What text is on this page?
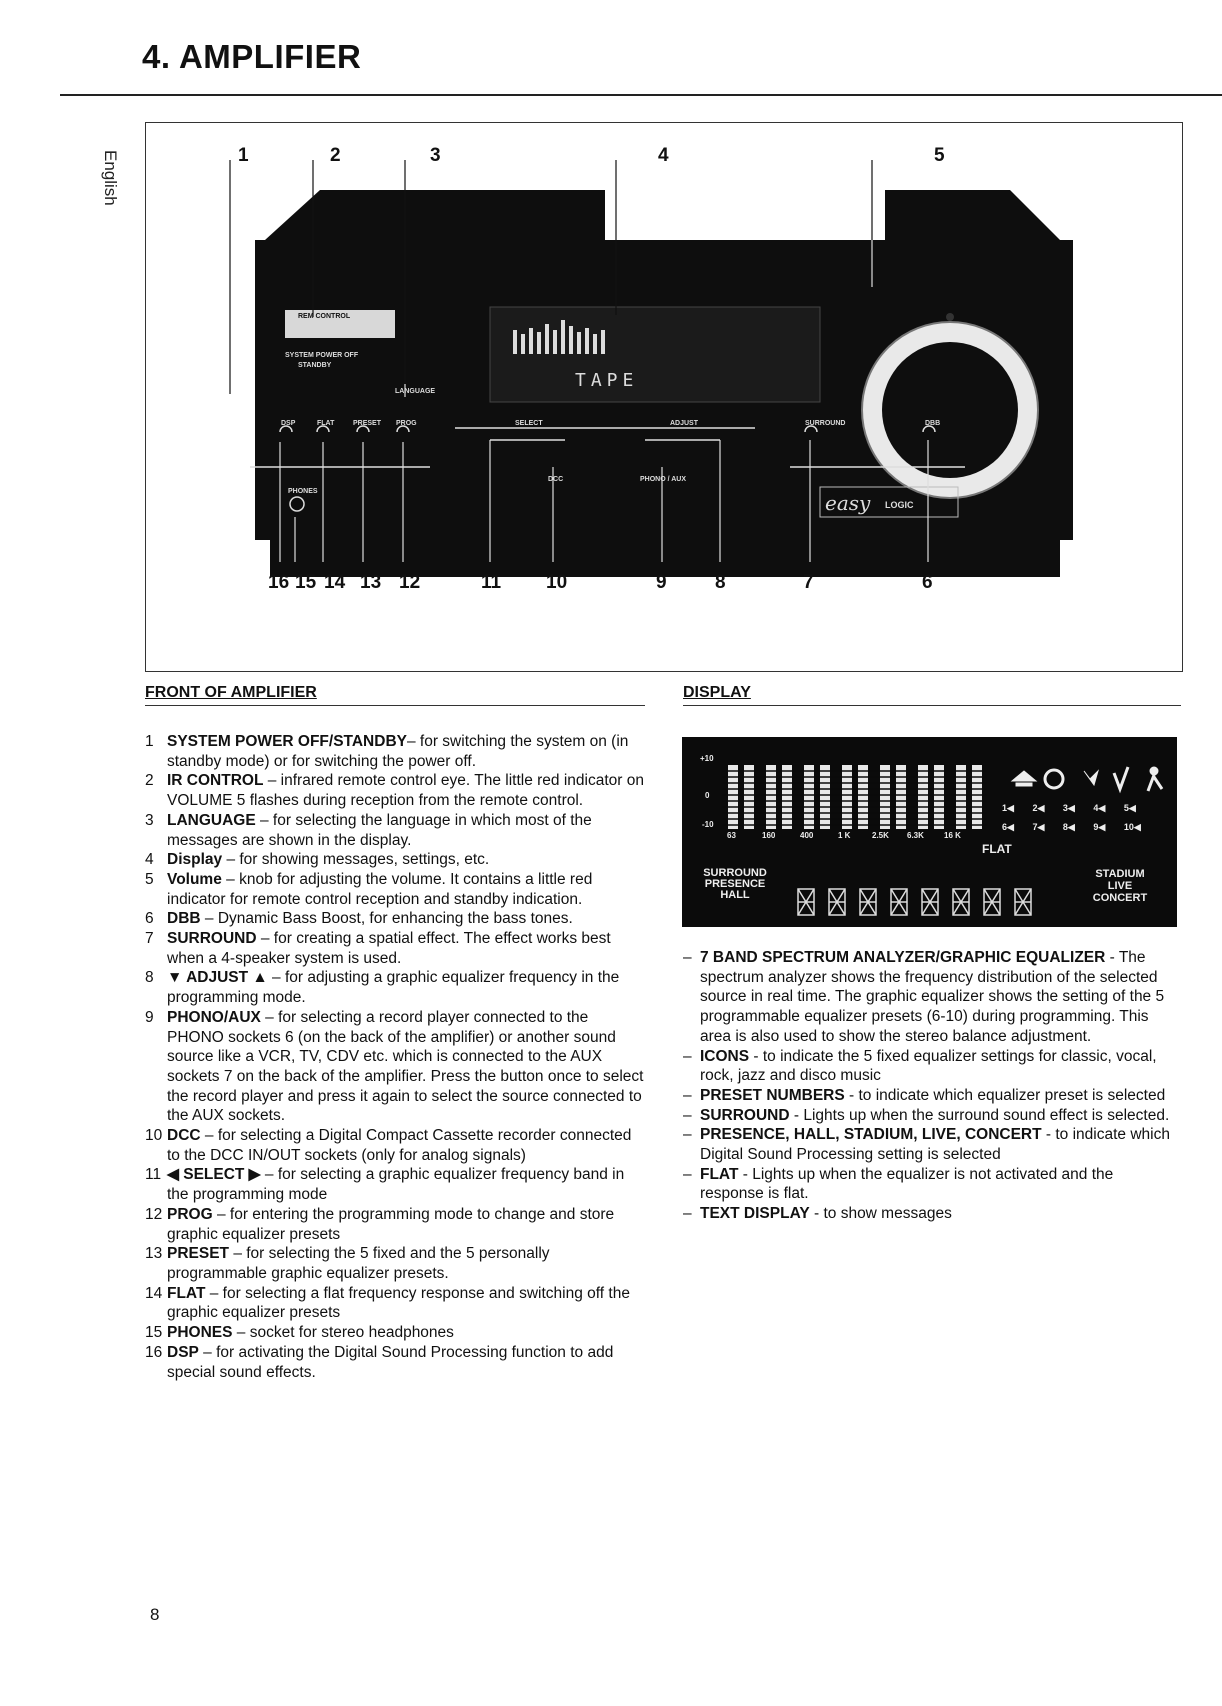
4. AMPLIFIER
English	1	2	3	4	5
REM CONTROL
SYSTEM POWER OFF
STANDBY
LANGUAGE
DSP	FLAT	PRESET PROG	SELECT	ADJUST	SURROUND	DBB
PHONES
DCC	PHONO / AUX
easy LOGIC
TAPE
16 15 14 13 12	11 10	9	8	7	6
FRONT OF AMPLIFIER	DISPLAY
1 SYSTEM POWER OFF/STANDBY– for switching the system on (in standby mode) or for switching the power off.
2 IR CONTROL – infrared remote control eye. The little red indicator on VOLUME 5 flashes during reception from the remote control.
3 LANGUAGE – for selecting the language in which most of the messages are shown in the display.
4 Display – for showing messages, settings, etc.
5 Volume – knob for adjusting the volume. It contains a little red indicator for remote control reception and standby indication.
6 DBB – Dynamic Bass Boost, for enhancing the bass tones.
7 SURROUND – for creating a spatial effect. The effect works best when a 4-speaker system is used.
8 ▼ ADJUST ▲ – for adjusting a graphic equalizer frequency in the programming mode.
9 PHONO/AUX – for selecting a record player connected to the PHONO sockets 6 (on the back of the amplifier) or another sound source like a VCR, TV, CDV etc. which is connected to the AUX sockets 7 on the back of the amplifier. Press the button once to select the record player and press it again to select the source connected to the AUX sockets.
10 DCC – for selecting a Digital Compact Cassette recorder connected to the DCC IN/OUT sockets (only for analog signals)
11 ◀ SELECT ▶ – for selecting a graphic equalizer frequency band in the programming mode
12 PROG – for entering the programming mode to change and store graphic equalizer presets
13 PRESET – for selecting the 5 fixed and the 5 personally programmable graphic equalizer presets.
14 FLAT – for selecting a flat frequency response and switching off the graphic equalizer presets
15 PHONES – socket for stereo headphones
16 DSP – for activating the Digital Sound Processing function to add special sound effects.
+10
0
-10
63	160	400	1 K	2.5K 6.3K	16 K
1◀ 2◀ 3◀ 4◀ 5◀
6◀ 7◀ 8◀ 9◀ 10◀
FLAT
SURROUND
PRESENCE
HALL
STADIUM
LIVE
CONCERT
– 7 BAND SPECTRUM ANALYZER/GRAPHIC EQUALIZER - The spectrum analyzer shows the frequency distribution of the selected source in real time. The graphic equalizer shows the setting of the 5 programmable equalizer presets (6-10) during programming. This area is also used to show the stereo balance adjustment.
– ICONS - to indicate the 5 fixed equalizer settings for classic, vocal, rock, jazz and disco music
– PRESET NUMBERS - to indicate which equalizer preset is selected
– SURROUND - Lights up when the surround sound effect is selected.
– PRESENCE, HALL, STADIUM, LIVE, CONCERT - to indicate which Digital Sound Processing setting is selected
– FLAT - Lights up when the equalizer is not activated and the response is flat.
– TEXT DISPLAY - to show messages
8
